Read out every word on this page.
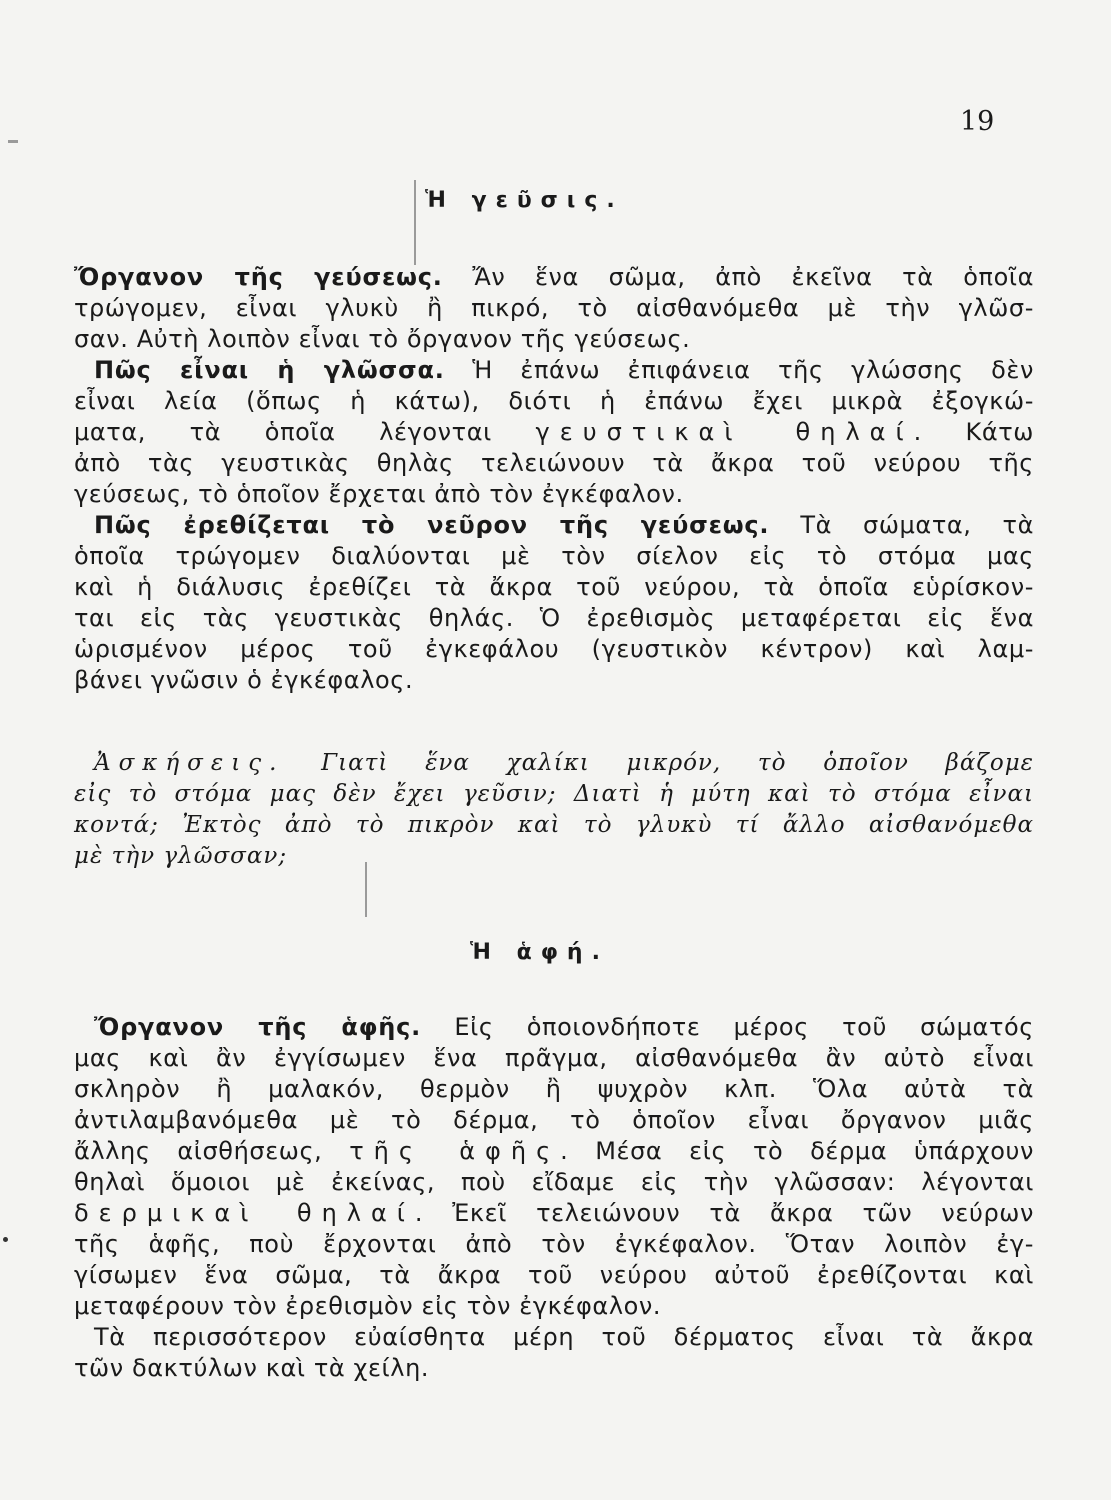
19
Ἡ γεῦσις.
Ὄργανον τῆς γεύσεως. Ἄν ἕνα σῶμα, ἀπὸ ἐκεῖνα τὰ ὁποῖα
τρώγομεν, εἶναι γλυκὺ ἢ πικρό, τὸ αἰσθανόμεθα μὲ τὴν γλῶσ-
σαν. Αὐτὴ λοιπὸν εἶναι τὸ ὄργανον τῆς γεύσεως.
Πῶς εἶναι ἡ γλῶσσα. Ἡ ἐπάνω ἐπιφάνεια τῆς γλώσσης δὲν
εἶναι λεία (ὅπως ἡ κάτω), διότι ἡ ἐπάνω ἔχει μικρὰ ἐξογκώ-
ματα, τὰ ὁποῖα λέγονται γευστικαὶ θηλαί. Κάτω
ἀπὸ τὰς γευστικὰς θηλὰς τελειώνουν τὰ ἄκρα τοῦ νεύρου τῆς
γεύσεως, τὸ ὁποῖον ἔρχεται ἀπὸ τὸν ἐγκέφαλον.
Πῶς ἐρεθίζεται τὸ νεῦρον τῆς γεύσεως. Τὰ σώματα, τὰ
ὁποῖα τρώγομεν διαλύονται μὲ τὸν σίελον εἰς τὸ στόμα μας
καὶ ἡ διάλυσις ἐρεθίζει τὰ ἄκρα τοῦ νεύρου, τὰ ὁποῖα εὑρίσκον-
ται εἰς τὰς γευστικὰς θηλάς. Ὁ ἐρεθισμὸς μεταφέρεται εἰς ἕνα
ὡρισμένον μέρος τοῦ ἐγκεφάλου (γευστικὸν κέντρον) καὶ λαμ-
βάνει γνῶσιν ὁ ἐγκέφαλος.
Ἀσκήσεις. Γιατὶ ἕνα χαλίκι μικρόν, τὸ ὁποῖον βάζομε
εἰς τὸ στόμα μας δὲν ἔχει γεῦσιν; Διατὶ ἡ μύτη καὶ τὸ στόμα εἶναι
κοντά; Ἐκτὸς ἀπὸ τὸ πικρὸν καὶ τὸ γλυκὺ τί ἄλλο αἰσθανόμεθα
μὲ τὴν γλῶσσαν;
Ἡ ἁφή.
Ὄργανον τῆς ἁφῆς. Εἰς ὁποιονδήποτε μέρος τοῦ σώματός
μας καὶ ἂν ἐγγίσωμεν ἕνα πρᾶγμα, αἰσθανόμεθα ἂν αὐτὸ εἶναι
σκληρὸν ἢ μαλακόν, θερμὸν ἢ ψυχρὸν κλπ. Ὅλα αὐτὰ τὰ
ἀντιλαμβανόμεθα μὲ τὸ δέρμα, τὸ ὁποῖον εἶναι ὄργανον μιᾶς
ἄλλης αἰσθήσεως, τῆς ἁφῆς. Μέσα εἰς τὸ δέρμα ὑπάρχουν
θηλαὶ ὅμοιοι μὲ ἐκείνας, ποὺ εἴδαμε εἰς τὴν γλῶσσαν: λέγονται
δερμικαὶ θηλαί. Ἐκεῖ τελειώνουν τὰ ἄκρα τῶν νεύρων
τῆς ἁφῆς, ποὺ ἔρχονται ἀπὸ τὸν ἐγκέφαλον. Ὅταν λοιπὸν ἐγ-
γίσωμεν ἕνα σῶμα, τὰ ἄκρα τοῦ νεύρου αὐτοῦ ἐρεθίζονται καὶ
μεταφέρουν τὸν ἐρεθισμὸν εἰς τὸν ἐγκέφαλον.
Τὰ περισσότερον εὐαίσθητα μέρη τοῦ δέρματος εἶναι τὰ ἄκρα
τῶν δακτύλων καὶ τὰ χείλη.
